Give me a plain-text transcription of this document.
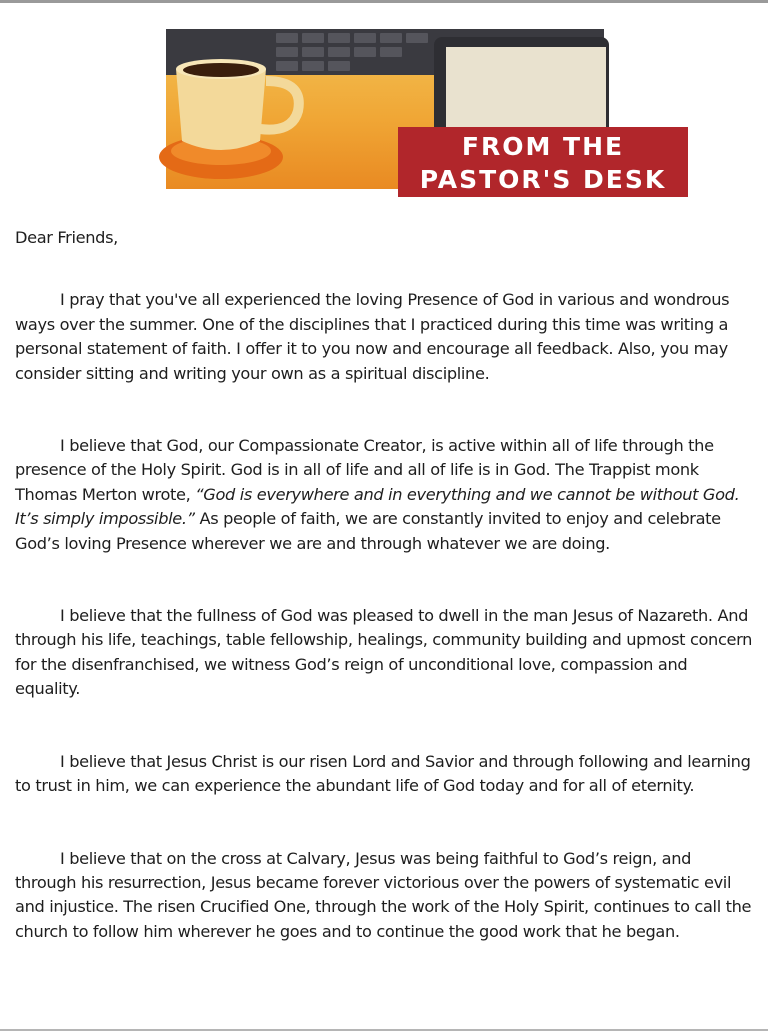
FROM THE
PASTOR'S DESK

Dear Friends,

I pray that you've all experienced the loving Presence of God in various and wondrous ways over the summer. One of the disciplines that I practiced during this time was writing a personal statement of faith. I offer it to you now and encourage all feedback. Also, you may consider sitting and writing your own as a spiritual discipline.

I believe that God, our Compassionate Creator, is active within all of life through the presence of the Holy Spirit. God is in all of life and all of life is in God. The Trappist monk Thomas Merton wrote, “God is everywhere and in everything and we cannot be without God. It’s simply impossible.” As people of faith, we are constantly invited to enjoy and celebrate God’s loving Presence wherever we are and through whatever we are doing.

I believe that the fullness of God was pleased to dwell in the man Jesus of Nazareth. And through his life, teachings, table fellowship, healings, community building and upmost concern for the disenfranchised, we witness God’s reign of unconditional love, compassion and equality.

I believe that Jesus Christ is our risen Lord and Savior and through following and learning to trust in him, we can experience the abundant life of God today and for all of eternity.

I believe that on the cross at Calvary, Jesus was being faithful to God’s reign, and through his resurrection, Jesus became forever victorious over the powers of systematic evil and injustice. The risen Crucified One, through the work of the Holy Spirit, continues to call the church to follow him wherever he goes and to continue the good work that he began.
